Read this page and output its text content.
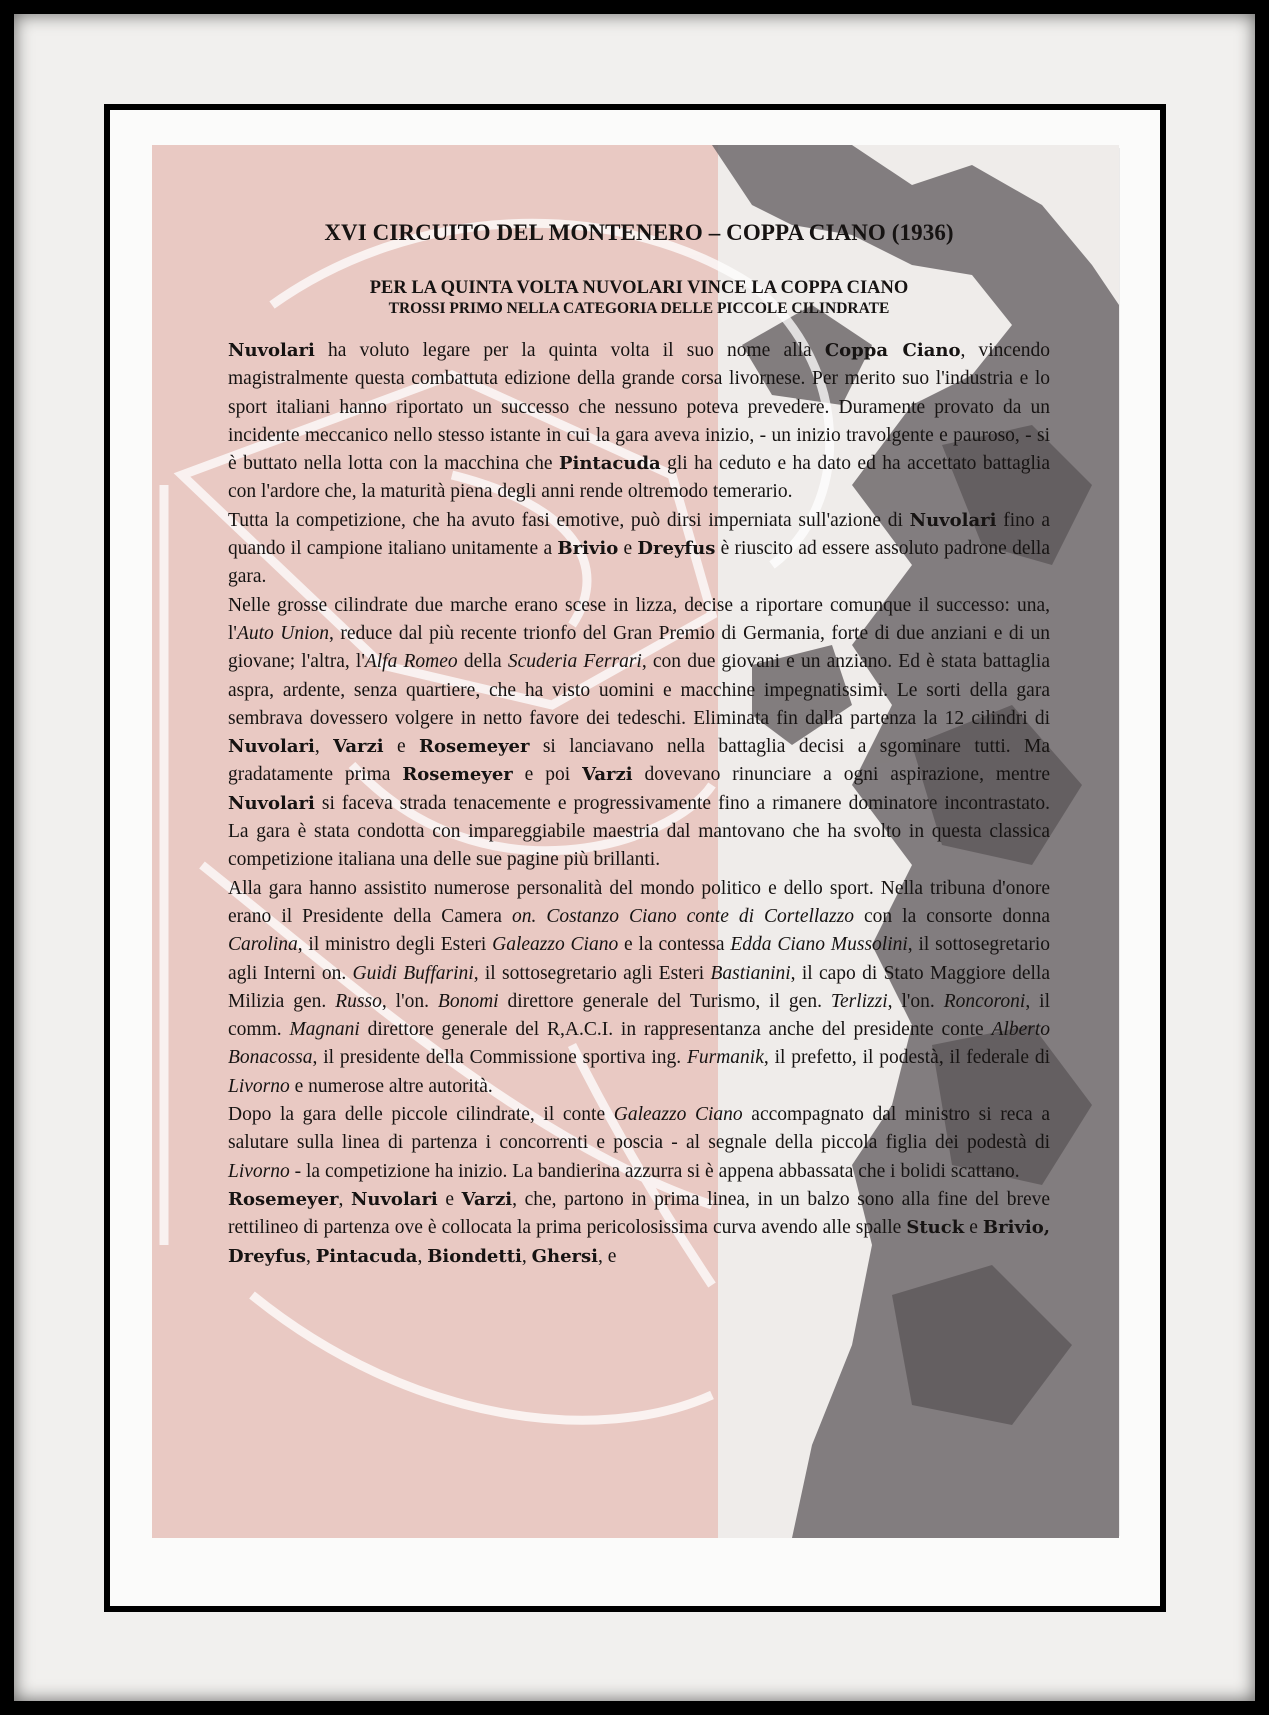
XVI CIRCUITO DEL MONTENERO – COPPA CIANO (1936)
PER LA QUINTA VOLTA NUVOLARI VINCE LA COPPA CIANO
TROSSI PRIMO NELLA CATEGORIA DELLE PICCOLE CILINDRATE

Nuvolari ha voluto legare per la quinta volta il suo nome alla Coppa Ciano, vincendo magistralmente questa combattuta edizione della grande corsa livornese. Per merito suo l'industria e lo sport italiani hanno riportato un successo che nessuno poteva prevedere. Duramente provato da un incidente meccanico nello stesso istante in cui la gara aveva inizio, - un inizio travolgente e pauroso, - si è buttato nella lotta con la macchina che Pintacuda gli ha ceduto e ha dato ed ha accettato battaglia con l'ardore che, la maturità piena degli anni rende oltremodo temerario.

Tutta la competizione, che ha avuto fasi emotive, può dirsi imperniata sull'azione di Nuvolari fino a quando il campione italiano unitamente a Brivio e Dreyfus è riuscito ad essere assoluto padrone della gara.

Nelle grosse cilindrate due marche erano scese in lizza, decise a riportare comunque il successo: una, l'Auto Union, reduce dal più recente trionfo del Gran Premio di Germania, forte di due anziani e di un giovane; l'altra, l'Alfa Romeo della Scuderia Ferrari, con due giovani e un anziano. Ed è stata battaglia aspra, ardente, senza quartiere, che ha visto uomini e macchine impegnatissimi. Le sorti della gara sembrava dovessero volgere in netto favore dei tedeschi. Eliminata fin dalla partenza la 12 cilindri di Nuvolari, Varzi e Rosemeyer si lanciavano nella battaglia decisi a sgominare tutti. Ma gradatamente prima Rosemeyer e poi Varzi dovevano rinunciare a ogni aspirazione, mentre Nuvolari si faceva strada tenacemente e progressivamente fino a rimanere dominatore incontrastato. La gara è stata condotta con impareggiabile maestria dal mantovano che ha svolto in questa classica competizione italiana una delle sue pagine più brillanti.

Alla gara hanno assistito numerose personalità del mondo politico e dello sport. Nella tribuna d'onore erano il Presidente della Camera on. Costanzo Ciano conte di Cortellazzo con la consorte donna Carolina, il ministro degli Esteri Galeazzo Ciano e la contessa Edda Ciano Mussolini, il sottosegretario agli Interni on. Guidi Buffarini, il sottosegretario agli Esteri Bastianini, il capo di Stato Maggiore della Milizia gen. Russo, l'on. Bonomi direttore generale del Turismo, il gen. Terlizzi, l'on. Roncoroni, il comm. Magnani direttore generale del R,A.C.I. in rappresentanza anche del presidente conte Alberto Bonacossa, il presidente della Commissione sportiva ing. Furmanik, il prefetto, il podestà, il federale di Livorno e numerose altre autorità.

Dopo la gara delle piccole cilindrate, il conte Galeazzo Ciano accompagnato dal ministro si reca a salutare sulla linea di partenza i concorrenti e poscia - al segnale della piccola figlia dei podestà di Livorno - la competizione ha inizio. La bandierina azzurra si è appena abbassata che i bolidi scattano.

Rosemeyer, Nuvolari e Varzi, che, partono in prima linea, in un balzo sono alla fine del breve rettilineo di partenza ove è collocata la prima pericolosissima curva avendo alle spalle Stuck e Brivio, Dreyfus, Pintacuda, Biondetti, Ghersi, e
